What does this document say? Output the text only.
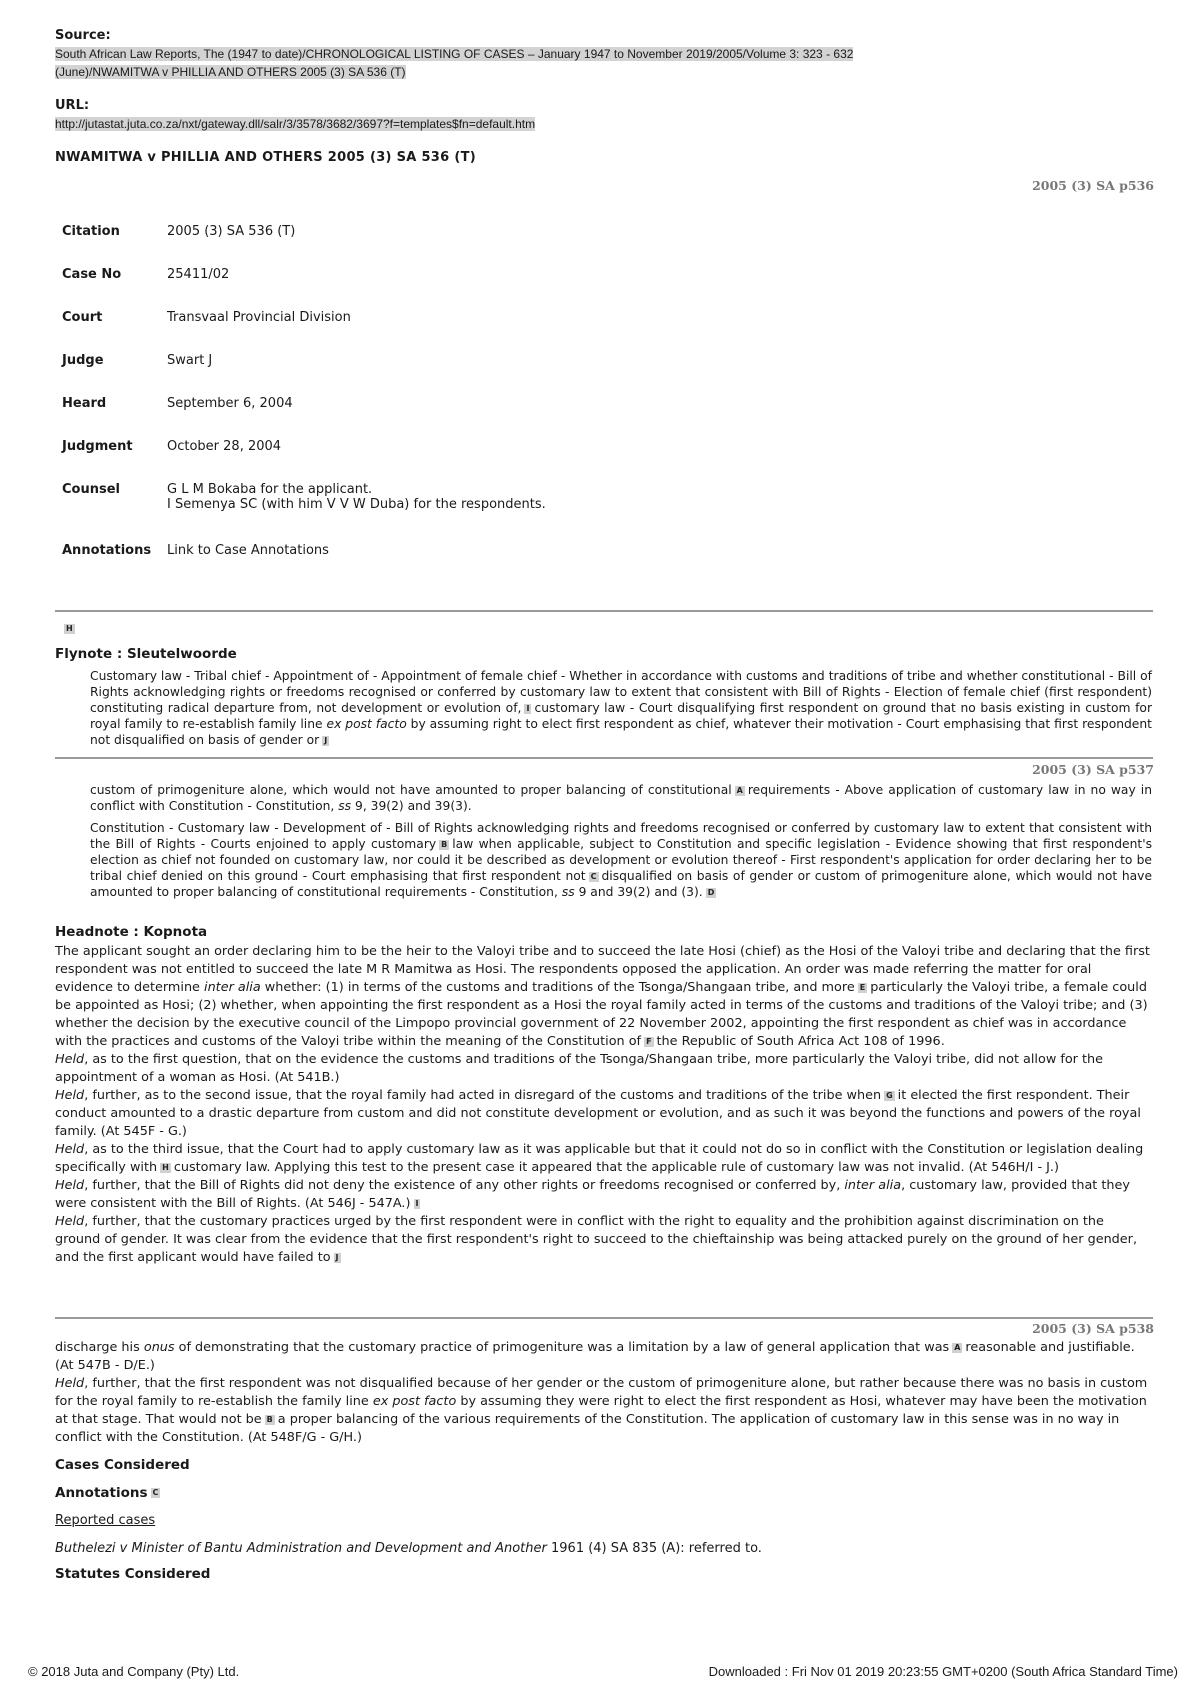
Source:
South African Law Reports, The (1947 to date)/CHRONOLOGICAL LISTING OF CASES – January 1947 to November 2019/2005/Volume 3: 323 - 632
(June)/NWAMITWA v PHILLIA AND OTHERS 2005 (3) SA 536 (T)
URL:
http://jutastat.juta.co.za/nxt/gateway.dll/salr/3/3578/3682/3697?f=templates$fn=default.htm
NWAMITWA v PHILLIA AND OTHERS 2005 (3) SA 536 (T)
2005 (3) SA p536
Citation	2005 (3) SA 536 (T)
Case No	25411/02
Court	Transvaal Provincial Division
Judge	Swart J
Heard	September 6, 2004
Judgment	October 28, 2004
Counsel	G L M Bokaba for the applicant.
I Semenya SC (with him V V W Duba) for the respondents.
Annotations	Link to Case Annotations
H
Flynote : Sleutelwoorde
Customary law - Tribal chief - Appointment of - Appointment of female chief - Whether in accordance with customs and traditions of tribe and whether constitutional - Bill of Rights acknowledging rights or freedoms recognised or conferred by customary law to extent that consistent with Bill of Rights - Election of female chief (first respondent) constituting radical departure from, not development or evolution of, I customary law - Court disqualifying first respondent on ground that no basis existing in custom for royal family to re-establish family line ex post facto by assuming right to elect first respondent as chief, whatever their motivation - Court emphasising that first respondent not disqualified on basis of gender or J
2005 (3) SA p537
custom of primogeniture alone, which would not have amounted to proper balancing of constitutional A requirements - Above application of customary law in no way in conflict with Constitution - Constitution, ss 9, 39(2) and 39(3).
Constitution - Customary law - Development of - Bill of Rights acknowledging rights and freedoms recognised or conferred by customary law to extent that consistent with the Bill of Rights - Courts enjoined to apply customary B law when applicable, subject to Constitution and specific legislation - Evidence showing that first respondent's election as chief not founded on customary law, nor could it be described as development or evolution thereof - First respondent's application for order declaring her to be tribal chief denied on this ground - Court emphasising that first respondent not C disqualified on basis of gender or custom of primogeniture alone, which would not have amounted to proper balancing of constitutional requirements - Constitution, ss 9 and 39(2) and (3). D
Headnote : Kopnota

The applicant sought an order declaring him to be the heir to the Valoyi tribe and to succeed the late Hosi (chief) as the Hosi of the Valoyi tribe and declaring that the first respondent was not entitled to succeed the late M R Mamitwa as Hosi. The respondents opposed the application. An order was made referring the matter for oral evidence to determine inter alia whether: (1) in terms of the customs and traditions of the Tsonga/Shangaan tribe, and more E particularly the Valoyi tribe, a female could be appointed as Hosi; (2) whether, when appointing the first respondent as a Hosi the royal family acted in terms of the customs and traditions of the Valoyi tribe; and (3) whether the decision by the executive council of the Limpopo provincial government of 22 November 2002, appointing the first respondent as chief was in accordance with the practices and customs of the Valoyi tribe within the meaning of the Constitution of F the Republic of South Africa Act 108 of 1996.

Held, as to the first question, that on the evidence the customs and traditions of the Tsonga/Shangaan tribe, more particularly the Valoyi tribe, did not allow for the appointment of a woman as Hosi. (At 541B.)

Held, further, as to the second issue, that the royal family had acted in disregard of the customs and traditions of the tribe when G it elected the first respondent. Their conduct amounted to a drastic departure from custom and did not constitute development or evolution, and as such it was beyond the functions and powers of the royal family. (At 545F - G.)

Held, as to the third issue, that the Court had to apply customary law as it was applicable but that it could not do so in conflict with the Constitution or legislation dealing specifically with H customary law. Applying this test to the present case it appeared that the applicable rule of customary law was not invalid. (At 546H/I - J.)

Held, further, that the Bill of Rights did not deny the existence of any other rights or freedoms recognised or conferred by, inter alia, customary law, provided that they were consistent with the Bill of Rights. (At 546J - 547A.) I

Held, further, that the customary practices urged by the first respondent were in conflict with the right to equality and the prohibition against discrimination on the ground of gender. It was clear from the evidence that the first respondent's right to succeed to the chieftainship was being attacked purely on the ground of her gender, and the first applicant would have failed to J

2005 (3) SA p538

discharge his onus of demonstrating that the customary practice of primogeniture was a limitation by a law of general application that was A reasonable and justifiable. (At 547B - D/E.)

Held, further, that the first respondent was not disqualified because of her gender or the custom of primogeniture alone, but rather because there was no basis in custom for the royal family to re-establish the family line ex post facto by assuming they were right to elect the first respondent as Hosi, whatever may have been the motivation at that stage. That would not be B a proper balancing of the various requirements of the Constitution. The application of customary law in this sense was in no way in conflict with the Constitution. (At 548F/G - G/H.)

Cases Considered
Annotations C
Reported cases
Buthelezi v Minister of Bantu Administration and Development and Another 1961 (4) SA 835 (A): referred to.
Statutes Considered
© 2018 Juta and Company (Pty) Ltd.	Downloaded : Fri Nov 01 2019 20:23:55 GMT+0200 (South Africa Standard Time)
